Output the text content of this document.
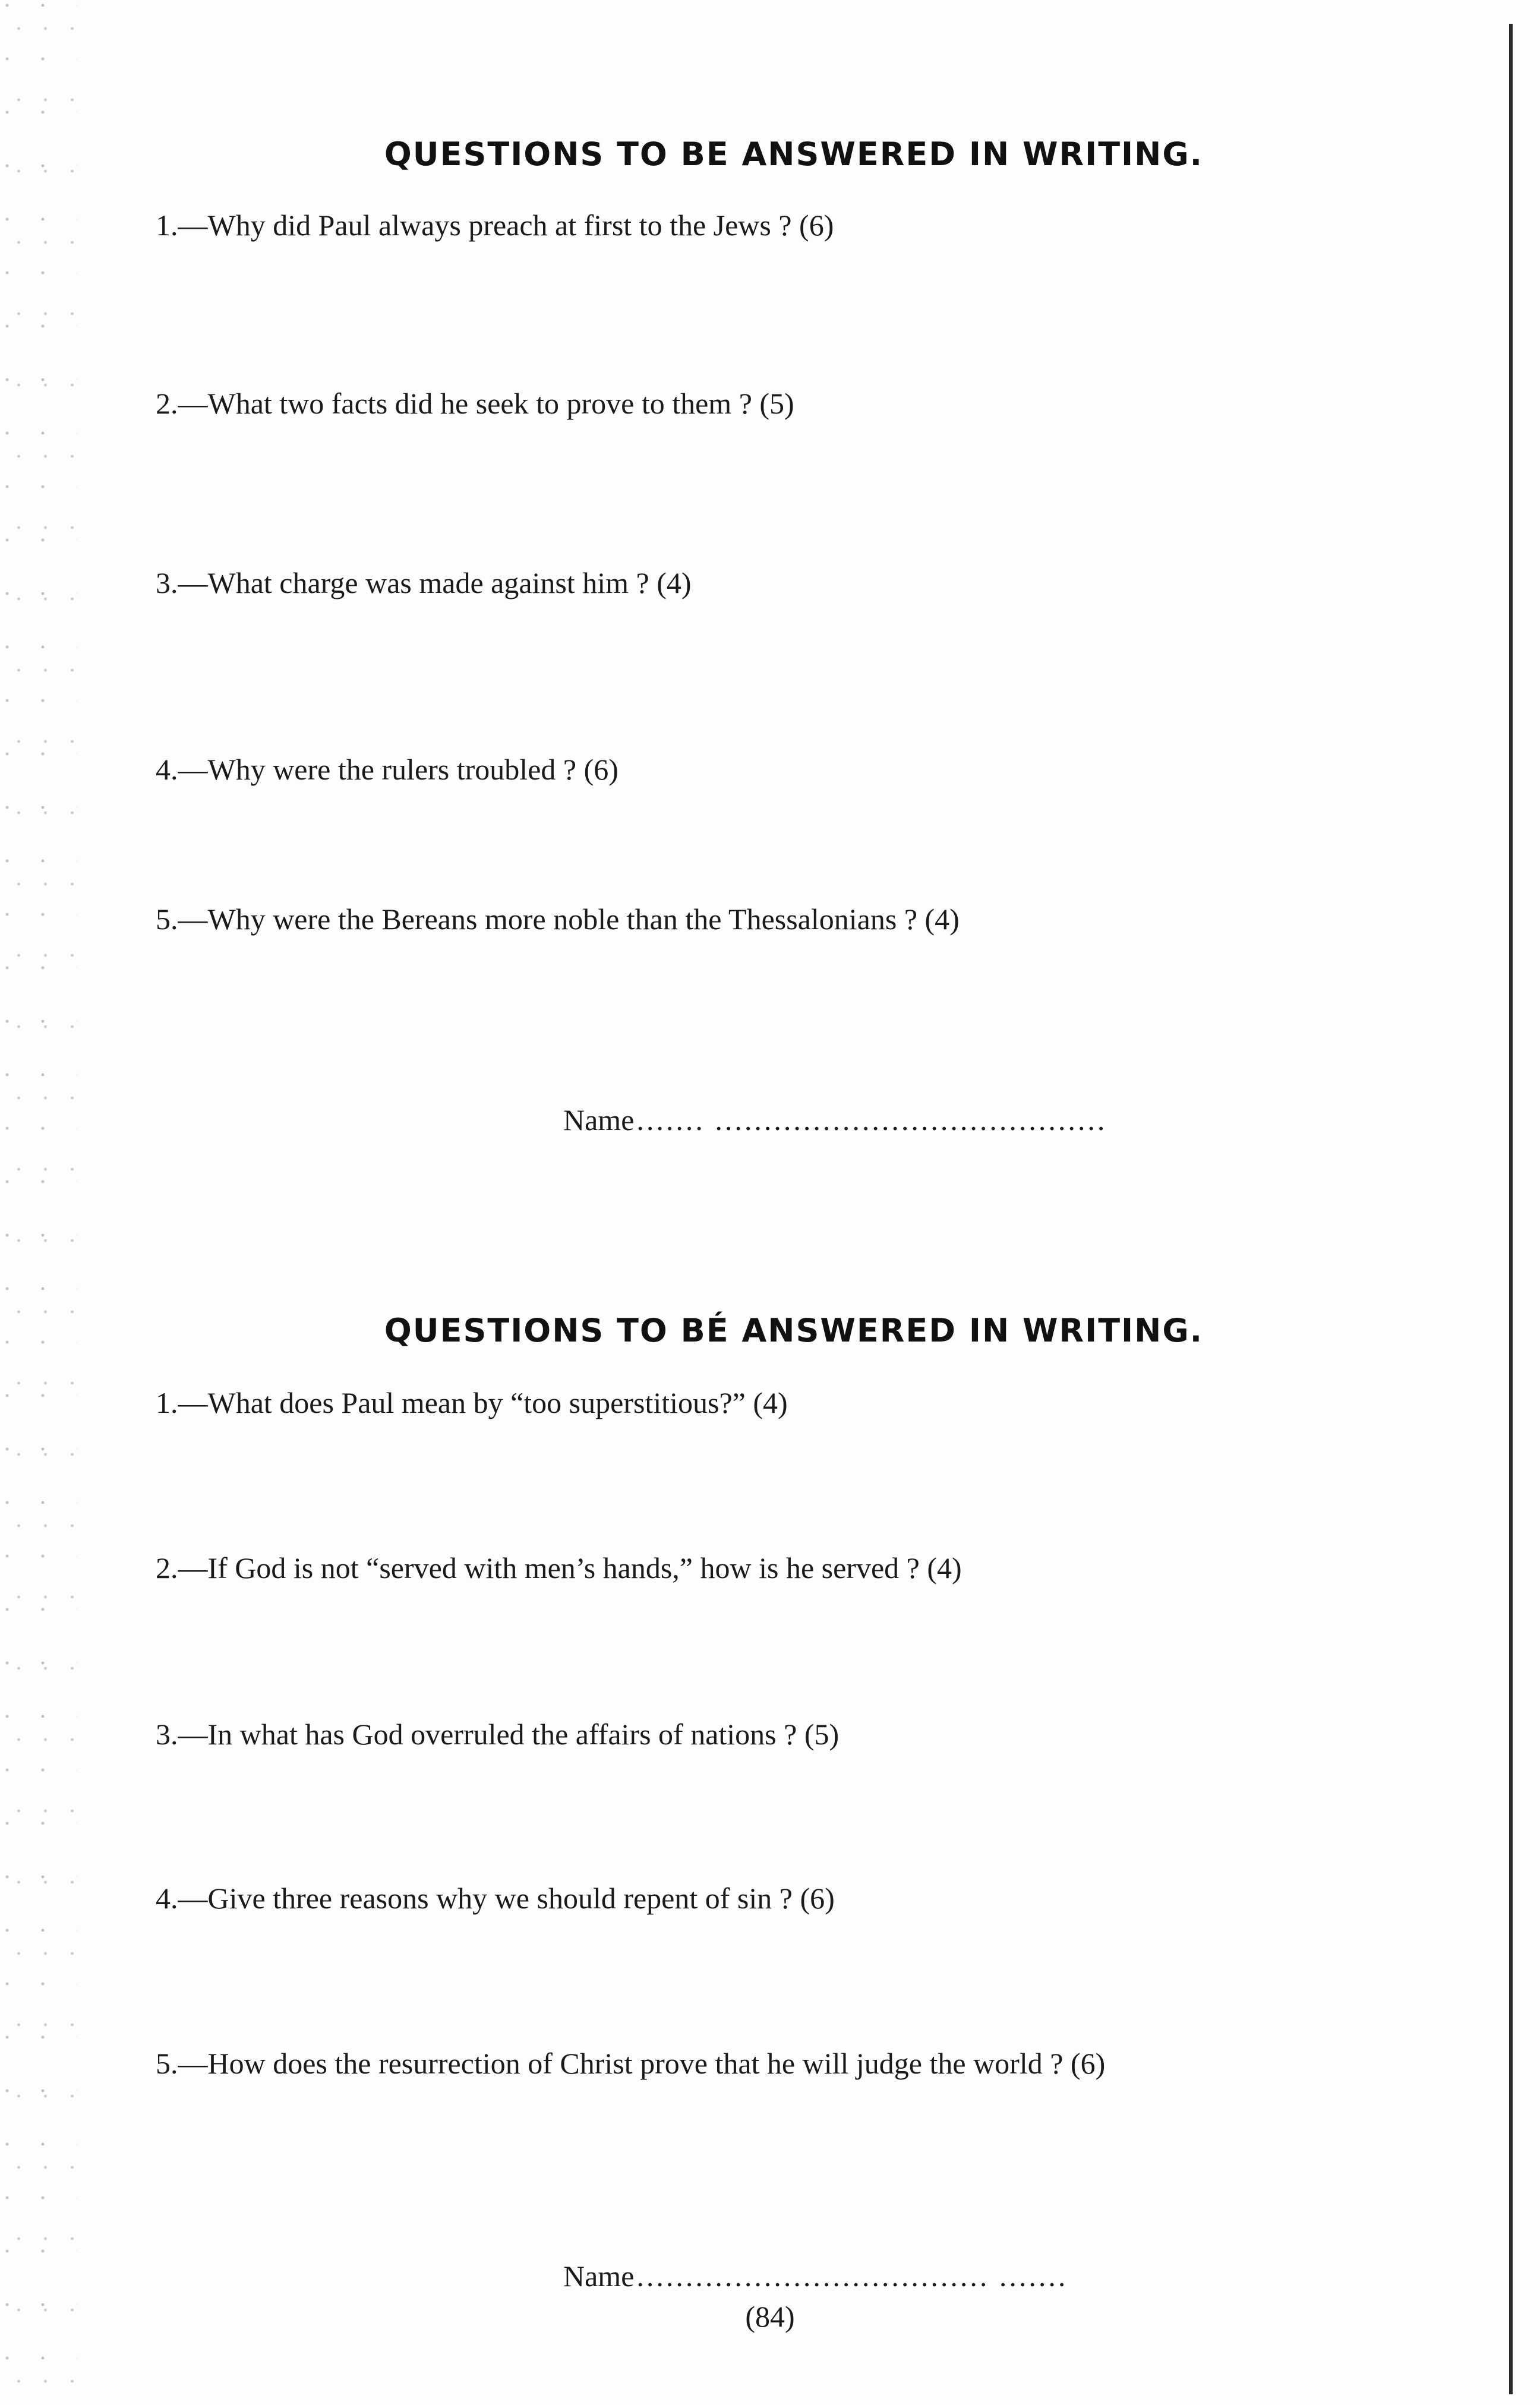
QUESTIONS TO BE ANSWERED IN WRITING.
1.—Why did Paul always preach at first to the Jews ? (6)
2.—What two facts did he seek to prove to them ? (5)
3.—What charge was made against him ? (4)
4.—Why were the rulers troubled ? (6)
5.—Why were the Bereans more noble than the Thessalonians ? (4)
Name....... ........................................
QUESTIONS TO BÉ ANSWERED IN WRITING.
1.—What does Paul mean by “too superstitious?” (4)
2.—If God is not “served with men’s hands,” how is he served ? (4)
3.—In what has God overruled the affairs of nations ? (5)
4.—Give three reasons why we should repent of sin ? (6)
5.—How does the resurrection of Christ prove that he will judge the world ? (6)
Name.................................... .......
(84)
